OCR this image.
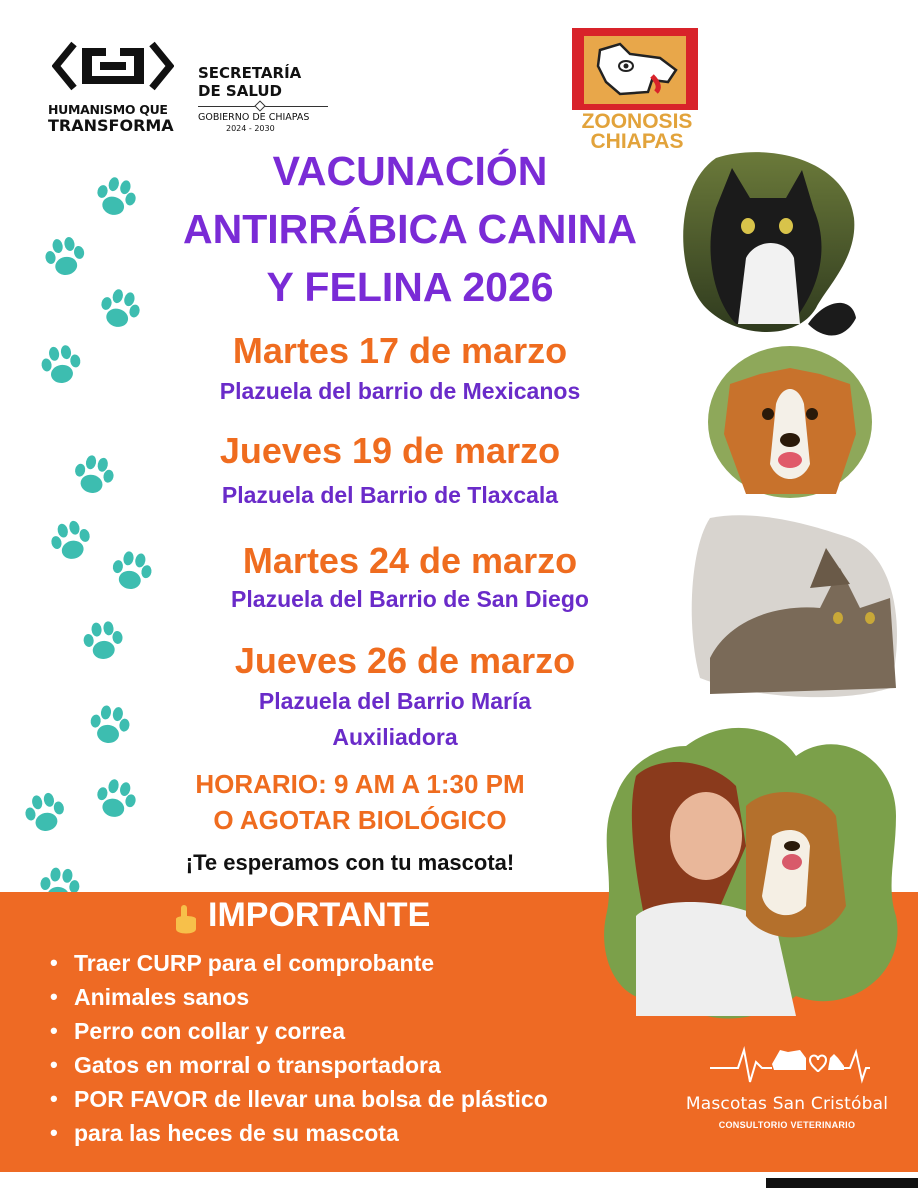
HUMANISMO QUE
TRANSFORMA
SECRETARÍA
DE SALUD
GOBIERNO DE CHIAPAS
2024 - 2030	ZOONOSIS
CHIAPAS
VACUNACIÓN
ANTIRRÁBICA CANINA
Y FELINA 2026
Martes 17 de marzo
Plazuela del barrio de Mexicanos
Jueves 19 de marzo
Plazuela del Barrio de Tlaxcala
Martes 24 de marzo
Plazuela del Barrio de San Diego
Jueves 26 de marzo
Plazuela del Barrio María
Auxiliadora
HORARIO: 9 AM A 1:30 PM
O AGOTAR BIOLÓGICO
¡Te esperamos con tu mascota!
IMPORTANTE
• Traer CURP para el comprobante
• Animales sanos
• Perro con collar y correa
• Gatos en morral o transportadora
• POR FAVOR de llevar una bolsa de plástico
• para las heces de su mascota
Mascotas San Cristóbal
CONSULTORIO VETERINARIO
